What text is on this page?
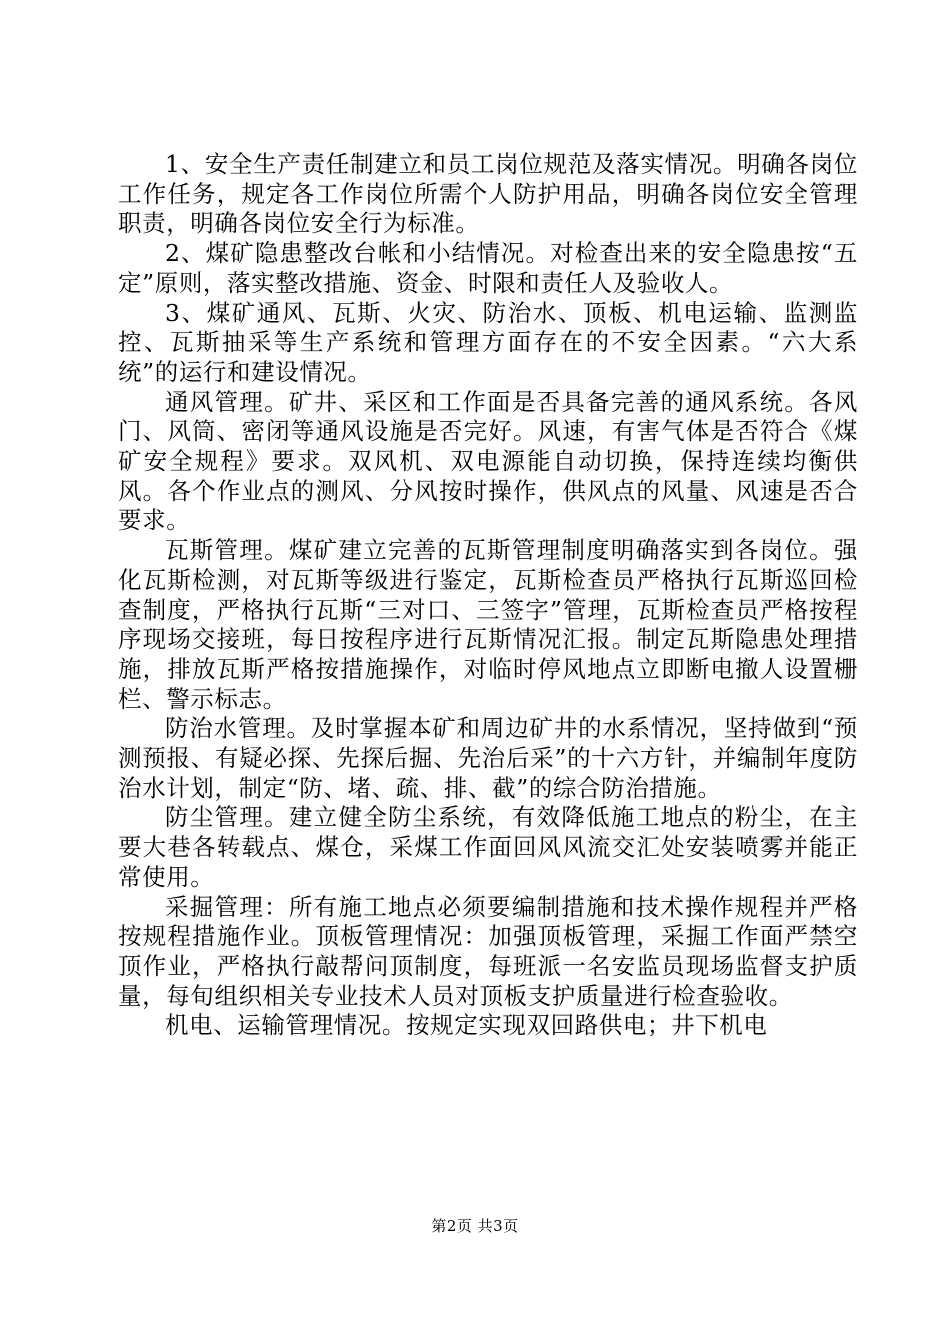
1、安全生产责任制建立和员工岗位规范及落实情况。明确各岗位工作任务，规定各工作岗位所需个人防护用品，明确各岗位安全管理职责，明确各岗位安全行为标准。

2、煤矿隐患整改台帐和小结情况。对检查出来的安全隐患按“五定”原则，落实整改措施、资金、时限和责任人及验收人。

3、煤矿通风、瓦斯、火灾、防治水、顶板、机电运输、监测监控、瓦斯抽采等生产系统和管理方面存在的不安全因素。“六大系统”的运行和建设情况。

通风管理。矿井、采区和工作面是否具备完善的通风系统。各风门、风筒、密闭等通风设施是否完好。风速，有害气体是否符合《煤矿安全规程》要求。双风机、双电源能自动切换，保持连续均衡供风。各个作业点的测风、分风按时操作，供风点的风量、风速是否合要求。

瓦斯管理。煤矿建立完善的瓦斯管理制度明确落实到各岗位。强化瓦斯检测，对瓦斯等级进行鉴定，瓦斯检查员严格执行瓦斯巡回检查制度，严格执行瓦斯“三对口、三签字”管理，瓦斯检查员严格按程序现场交接班，每日按程序进行瓦斯情况汇报。制定瓦斯隐患处理措施，排放瓦斯严格按措施操作，对临时停风地点立即断电撤人设置栅栏、警示标志。

防治水管理。及时掌握本矿和周边矿井的水系情况，坚持做到“预测预报、有疑必探、先探后掘、先治后采”的十六方针，并编制年度防治水计划，制定“防、堵、疏、排、截”的综合防治措施。

防尘管理。建立健全防尘系统，有效降低施工地点的粉尘，在主要大巷各转载点、煤仓，采煤工作面回风风流交汇处安装喷雾并能正常使用。

采掘管理：所有施工地点必须要编制措施和技术操作规程并严格按规程措施作业。顶板管理情况：加强顶板管理，采掘工作面严禁空顶作业，严格执行敲帮问顶制度，每班派一名安监员现场监督支护质量，每旬组织相关专业技术人员对顶板支护质量进行检查验收。

机电、运输管理情况。按规定实现双回路供电；井下机电

第2页 共3页
